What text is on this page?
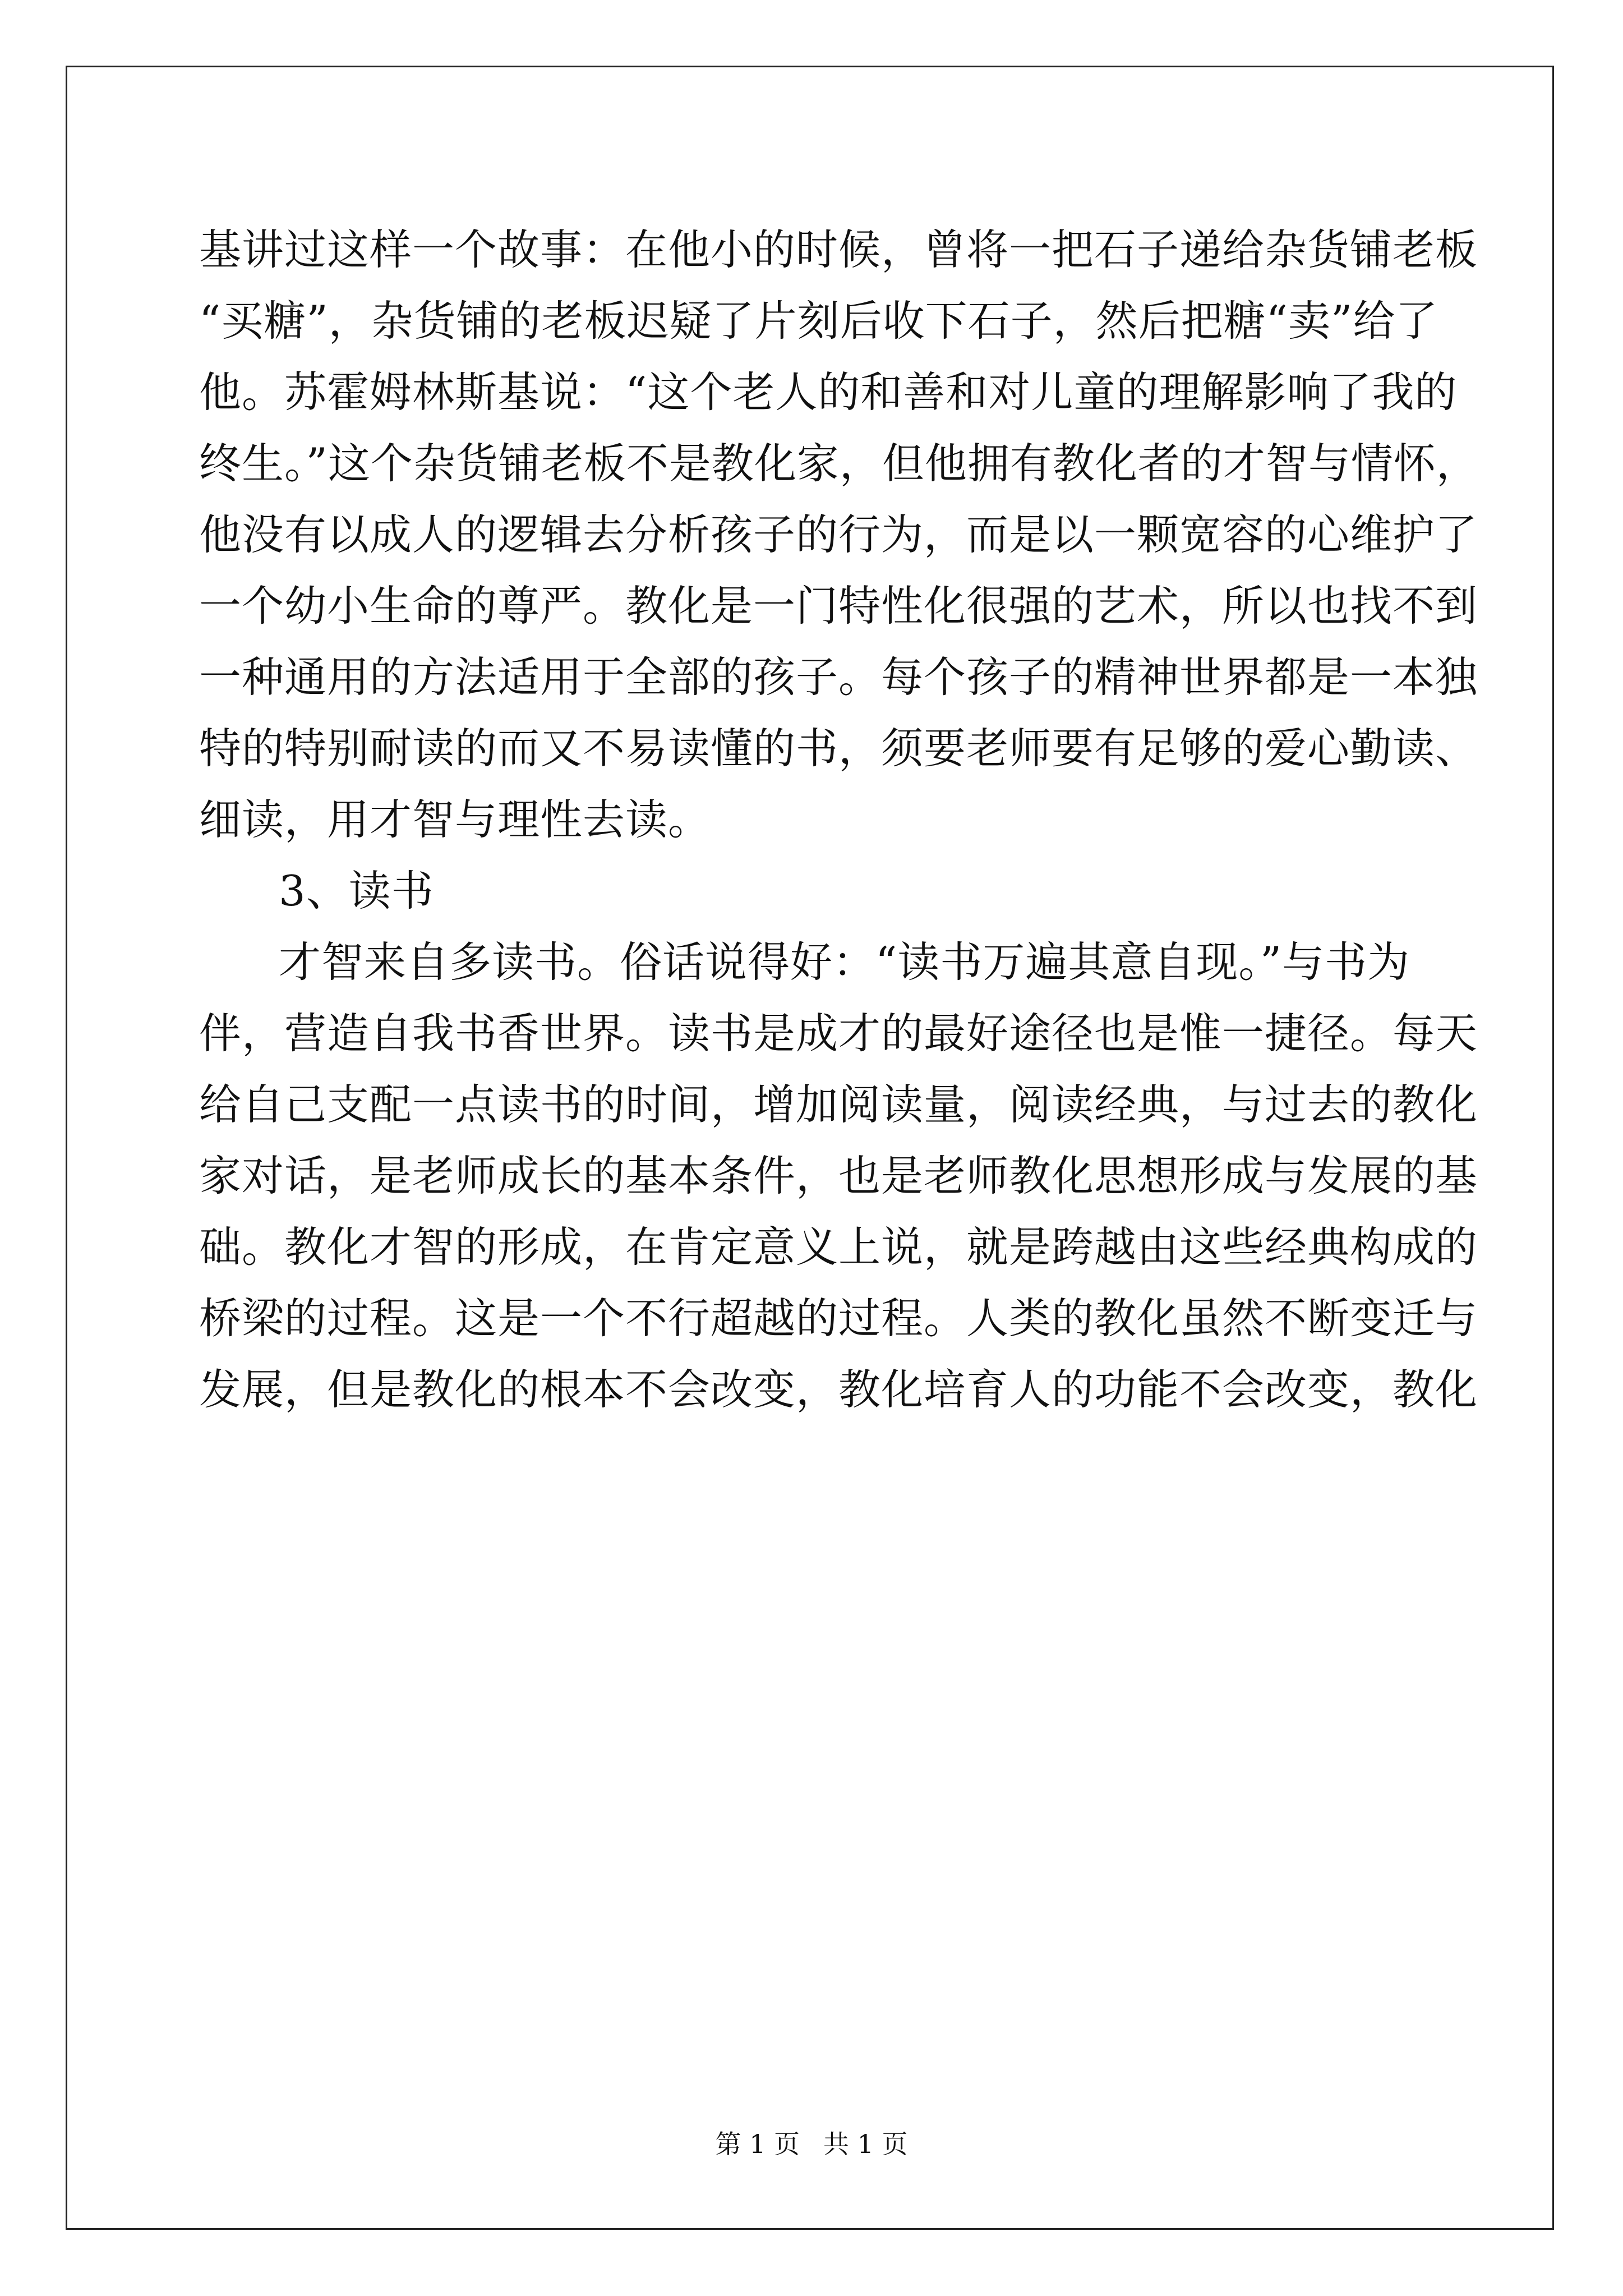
基讲过这样一个故事：在他小的时候，曾将一把石子递给杂货铺老板

“买糖”，杂货铺的老板迟疑了片刻后收下石子，然后把糖“卖”给了

他。苏霍姆林斯基说：“这个老人的和善和对儿童的理解影响了我的

终生。”这个杂货铺老板不是教化家，但他拥有教化者的才智与情怀，

他没有以成人的逻辑去分析孩子的行为，而是以一颗宽容的心维护了

一个幼小生命的尊严。教化是一门特性化很强的艺术，所以也找不到

一种通用的方法适用于全部的孩子。每个孩子的精神世界都是一本独

特的特别耐读的而又不易读懂的书，须要老师要有足够的爱心勤读、

细读，用才智与理性去读。

3、读书

才智来自多读书。俗话说得好：“读书万遍其意自现。”与书为

伴，营造自我书香世界。读书是成才的最好途径也是惟一捷径。每天

给自己支配一点读书的时间，增加阅读量，阅读经典，与过去的教化

家对话，是老师成长的基本条件，也是老师教化思想形成与发展的基

础。教化才智的形成，在肯定意义上说，就是跨越由这些经典构成的

桥梁的过程。这是一个不行超越的过程。人类的教化虽然不断变迁与

发展，但是教化的根本不会改变，教化培育人的功能不会改变，教化

第 1 页 共 1 页
